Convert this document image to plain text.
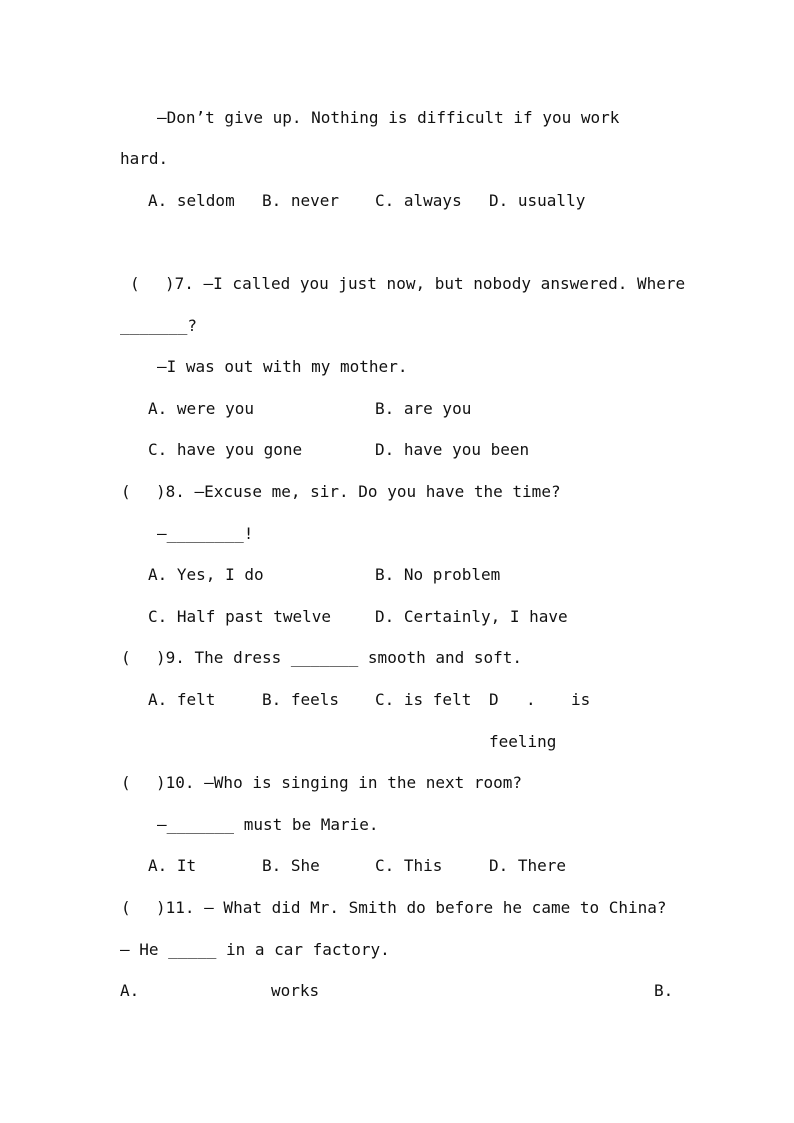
—Don’t give up. Nothing is difficult if you work
hard.
A. seldom B. never C. always D. usually
( )7. —I called you just now, but nobody answered. Where
_______?
—I was out with my mother.
A. were you	B. are you
C. have you gone	D. have you been
( )8. —Excuse me, sir. Do you have the time?
—________!
A. Yes, I do	B. No problem
C. Half past twelve	D. Certainly, I have
( )9. The dress _______ smooth and soft.
A. felt	B. feels C. is felt D . is
feeling
( )10. —Who is singing in the next room?
—_______ must be Marie.
A. It	B. She	C. This	D. There
( )11. — What did Mr. Smith do before he came to China?
— He _____ in a car factory.
A.	works	B.
